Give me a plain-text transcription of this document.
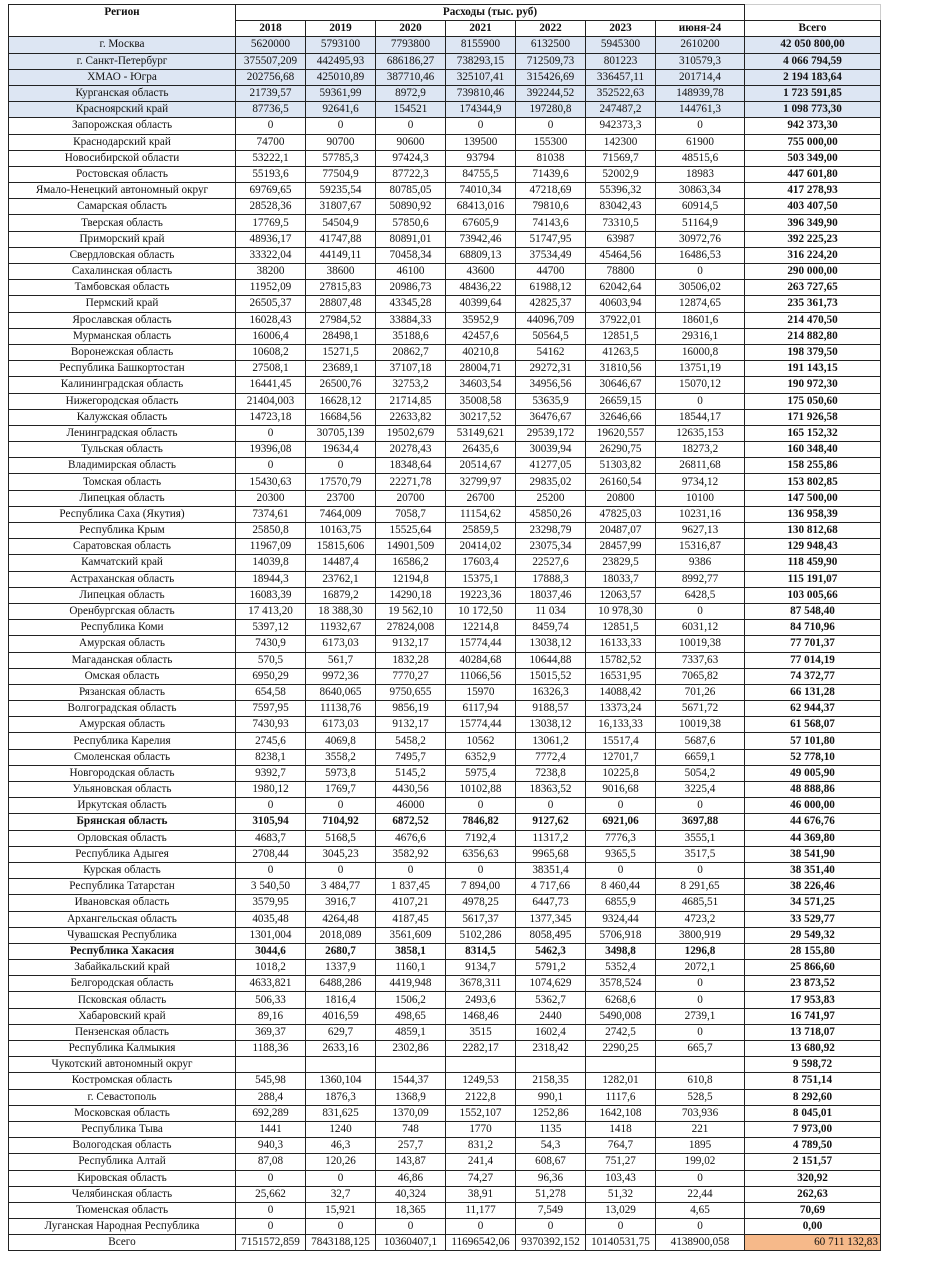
Регион	Расходы (тыс. руб)							
	2018	2019	2020	2021	2022	2023	июня-24	Всего
г. Москва	5620000	5793100	7793800	8155900	6132500	5945300	2610200	42 050 800,00
г. Санкт-Петербург	375507,209	442495,93	686186,27	738293,15	712509,73	801223	310579,3	4 066 794,59
ХМАО - Югра	202756,68	425010,89	387710,46	325107,41	315426,69	336457,11	201714,4	2 194 183,64
Курганская область	21739,57	59361,99	8972,9	739810,46	392244,52	352522,63	148939,78	1 723 591,85
Красноярский край	87736,5	92641,6	154521	174344,9	197280,8	247487,2	144761,3	1 098 773,30
Запорожская область	0	0	0	0	0	942373,3	0	942 373,30
Краснодарский край	74700	90700	90600	139500	155300	142300	61900	755 000,00
Новосибирской области	53222,1	57785,3	97424,3	93794	81038	71569,7	48515,6	503 349,00
Ростовская область	55193,6	77504,9	87722,3	84755,5	71439,6	52002,9	18983	447 601,80
Ямало-Ненецкий автономный округ	69769,65	59235,54	80785,05	74010,34	47218,69	55396,32	30863,34	417 278,93
Самарская область	28528,36	31807,67	50890,92	68413,016	79810,6	83042,43	60914,5	403 407,50
Тверская область	17769,5	54504,9	57850,6	67605,9	74143,6	73310,5	51164,9	396 349,90
Приморский край	48936,17	41747,88	80891,01	73942,46	51747,95	63987	30972,76	392 225,23
Свердловская область	33322,04	44149,11	70458,34	68809,13	37534,49	45464,56	16486,53	316 224,20
Сахалинская область	38200	38600	46100	43600	44700	78800	0	290 000,00
Тамбовская область	11952,09	27815,83	20986,73	48436,22	61988,12	62042,64	30506,02	263 727,65
Пермский край	26505,37	28807,48	43345,28	40399,64	42825,37	40603,94	12874,65	235 361,73
Ярославская область	16028,43	27984,52	33884,33	35952,9	44096,709	37922,01	18601,6	214 470,50
Мурманская область	16006,4	28498,1	35188,6	42457,6	50564,5	12851,5	29316,1	214 882,80
Воронежская область	10608,2	15271,5	20862,7	40210,8	54162	41263,5	16000,8	198 379,50
Республика Башкортостан	27508,1	23689,1	37107,18	28004,71	29272,31	31810,56	13751,19	191 143,15
Калининградская область	16441,45	26500,76	32753,2	34603,54	34956,56	30646,67	15070,12	190 972,30
Нижегородская область	21404,003	16628,12	21714,85	35008,58	53635,9	26659,15	0	175 050,60
Калужская область	14723,18	16684,56	22633,82	30217,52	36476,67	32646,66	18544,17	171 926,58
Ленинградская область	0	30705,139	19502,679	53149,621	29539,172	19620,557	12635,153	165 152,32
Тульская область	19396,08	19634,4	20278,43	26435,6	30039,94	26290,75	18273,2	160 348,40
Владимирская область	0	0	18348,64	20514,67	41277,05	51303,82	26811,68	158 255,86
Томская область	15430,63	17570,79	22271,78	32799,97	29835,02	26160,54	9734,12	153 802,85
Липецкая область	20300	23700	20700	26700	25200	20800	10100	147 500,00
Республика Саха (Якутия)	7374,61	7464,009	7058,7	11154,62	45850,26	47825,03	10231,16	136 958,39
Республика Крым	25850,8	10163,75	15525,64	25859,5	23298,79	20487,07	9627,13	130 812,68
Саратовская область	11967,09	15815,606	14901,509	20414,02	23075,34	28457,99	15316,87	129 948,43
Камчатский край	14039,8	14487,4	16586,2	17603,4	22527,6	23829,5	9386	118 459,90
Астраханская область	18944,3	23762,1	12194,8	15375,1	17888,3	18033,7	8992,77	115 191,07
Липецкая область	16083,39	16879,2	14290,18	19223,36	18037,46	12063,57	6428,5	103 005,66
Оренбургская область	17 413,20	18 388,30	19 562,10	10 172,50	11 034	10 978,30	0	87 548,40
Республика Коми	5397,12	11932,67	27824,008	12214,8	8459,74	12851,5	6031,12	84 710,96
Амурская область	7430,9	6173,03	9132,17	15774,44	13038,12	16133,33	10019,38	77 701,37
Магаданская область	570,5	561,7	1832,28	40284,68	10644,88	15782,52	7337,63	77 014,19
Омская область	6950,29	9972,36	7770,27	11066,56	15015,52	16531,95	7065,82	74 372,77
Рязанская область	654,58	8640,065	9750,655	15970	16326,3	14088,42	701,26	66 131,28
Волгоградская область	7597,95	11138,76	9856,19	6117,94	9188,57	13373,24	5671,72	62 944,37
Амурская область	7430,93	6173,03	9132,17	15774,44	13038,12	16,133,33	10019,38	61 568,07
Республика Карелия	2745,6	4069,8	5458,2	10562	13061,2	15517,4	5687,6	57 101,80
Смоленская область	8238,1	3558,2	7495,7	6352,9	7772,4	12701,7	6659,1	52 778,10
Новгородская область	9392,7	5973,8	5145,2	5975,4	7238,8	10225,8	5054,2	49 005,90
Ульяновская область	1980,12	1769,7	4430,56	10102,88	18363,52	9016,68	3225,4	48 888,86
Иркутская область	0	0	46000	0	0	0	0	46 000,00
Брянская область	3105,94	7104,92	6872,52	7846,82	9127,62	6921,06	3697,88	44 676,76
Орловская область	4683,7	5168,5	4676,6	7192,4	11317,2	7776,3	3555,1	44 369,80
Республика Адыгея	2708,44	3045,23	3582,92	6356,63	9965,68	9365,5	3517,5	38 541,90
Курская область	0	0	0	0	38351,4	0	0	38 351,40
Республика Татарстан	3 540,50	3 484,77	1 837,45	7 894,00	4 717,66	8 460,44	8 291,65	38 226,46
Ивановская область	3579,95	3916,7	4107,21	4978,25	6447,73	6855,9	4685,51	34 571,25
Архангельская область	4035,48	4264,48	4187,45	5617,37	1377,345	9324,44	4723,2	33 529,77
Чувашская Республика	1301,004	2018,089	3561,609	5102,286	8058,495	5706,918	3800,919	29 549,32
Республика Хакасия	3044,6	2680,7	3858,1	8314,5	5462,3	3498,8	1296,8	28 155,80
Забайкальский край	1018,2	1337,9	1160,1	9134,7	5791,2	5352,4	2072,1	25 866,60
Белгородская область	4633,821	6488,286	4419,948	3678,311	1074,629	3578,524	0	23 873,52
Псковская область	506,33	1816,4	1506,2	2493,6	5362,7	6268,6	0	17 953,83
Хабаровский край	89,16	4016,59	498,65	1468,46	2440	5490,008	2739,1	16 741,97
Пензенская область	369,37	629,7	4859,1	3515	1602,4	2742,5	0	13 718,07
Республика Калмыкия	1188,36	2633,16	2302,86	2282,17	2318,42	2290,25	665,7	13 680,92
Чукотский автономный округ								9 598,72
Костромская область	545,98	1360,104	1544,37	1249,53	2158,35	1282,01	610,8	8 751,14
г. Севастополь	288,4	1876,3	1368,9	2122,8	990,1	1117,6	528,5	8 292,60
Московская область	692,289	831,625	1370,09	1552,107	1252,86	1642,108	703,936	8 045,01
Республика Тыва	1441	1240	748	1770	1135	1418	221	7 973,00
Вологодская область	940,3	46,3	257,7	831,2	54,3	764,7	1895	4 789,50
Республика Алтай	87,08	120,26	143,87	241,4	608,67	751,27	199,02	2 151,57
Кировская область	0	0	46,86	74,27	96,36	103,43	0	320,92
Челябинская область	25,662	32,7	40,324	38,91	51,278	51,32	22,44	262,63
Тюменская область	0	15,921	18,365	11,177	7,549	13,029	4,65	70,69
Луганская Народная Республика	0	0	0	0	0	0	0	0,00
Всего	7151572,859	7843188,125	10360407,1	11696542,06	9370392,152	10140531,75	4138900,058	60 711 132,83
